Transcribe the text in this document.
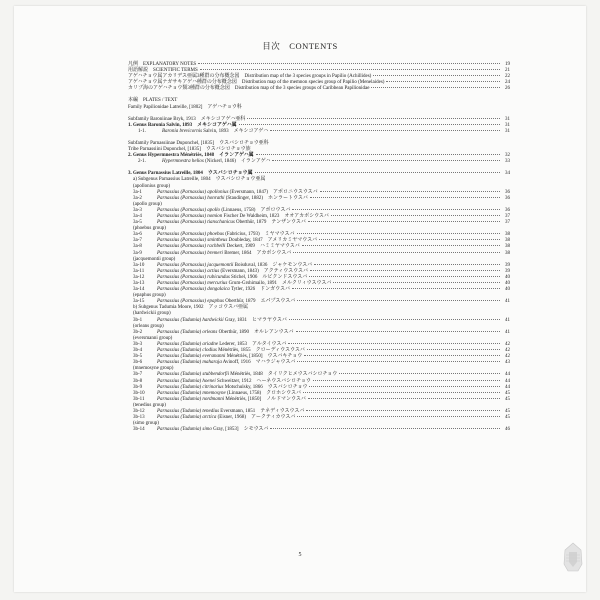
目次　CONTENTS
凡例　EXPLANATORY NOTES	19
用語解説　SCIENTIFIC TERMS	21
アゲハチョウ属アカリデス亜属3種群の分布概念図　Distribution map of the 3 species groups in Papilio (Achillides)	22
アゲハチョウ属ナガサキアゲハ種群の分布概念図　Distribution map of the memnon species group of Papilio (Menelaides)	24
カリブ海のアゲハチョウ類3種群の分布概念図　Distribution map of the 3 species groups of Caribbean Papilionidae	26
本編　PLATES / TEXT
Family Papilionidae Latreille, [1802]　アゲハチョウ科
Subfamily Baroniinae Bryk, 1913　メキシコアゲハ亜科	31
1. Genus Baronia Salvin, 1893　メキシコアゲハ属	31
1-1.	Baronia brevicornis Salvin, 1893　メキシコアゲハ	31
Subfamily Parnassiinae Duponchel, [1835]　ウスバシロチョウ亜科
Tribe Parnassiini Duponchel, [1835]　ウスバシロチョウ族
2. Genus Hypermnestra Ménétriès, 1848　イランアゲハ属	32
2-1.	Hypermnestra helios (Nickerl, 1846)　イランアゲハ	33
3. Genus Parnassius Latreille, 1804　ウスバシロチョウ属	34
a) Subgenus Parnassius Latreille, 1804　ウスバシロチョウ亜属
(apollonius group)
3a-1	Parnassius (Parnassius) apollonius (Eversmann, 1847)　アポロニウスウスバ	36
3a-2	Parnassius (Parnassius) honrathi (Staudinger, 1882)　ホンラートウスバ	36
(apollo group)
3a-3	Parnassius (Parnassius) apollo (Linnaeus, 1758)　アポロウスバ	36
3a-4	Parnassius (Parnassius) nomion Fischer De Waldheim, 1823　オオアカボシウスバ	37
3a-5	Parnassius (Parnassius) tianschanicus Oberthür, 1879　テンザンウスバ	37
(phoebus group)
3a-6	Parnassius (Parnassius) phoebus (Fabricius, 1793)　ミヤマウスバ	38
3a-7	Parnassius (Parnassius) smintheus Doubleday, 1847　アメリカミヤマウスバ	38
3a-8	Parnassius (Parnassius) rachbelli Deckert, 1909　ハミミヤマウスバ	38
3a-9	Parnassius (Parnassius) bremeri Bremer, 1864　アカボシウスバ	38
(jacquemontii group)
3a-10	Parnassius (Parnassius) jacquemontii Boisduval, 1836　ジャケモンウスバ	39
3a-11	Parnassius (Parnassius) actius (Eversmann, 1843)　アクティウスウスバ	39
3a-12	Parnassius (Parnassius) rubicundus Stichel, 1906　ルビクンドスウスバ	40
3a-13	Parnassius (Parnassius) mercurius Grum-Grshimailo, 1891　メルクリィウスウスバ	40
3a-14	Parnassius (Parnassius) dongalaica Tytler, 1926　ドンガウスバ	40
(epaphus group)
3a-15	Parnassius (Parnassius) epaphus Oberthür, 1879　エパプスウスバ	41
b) Subgenus Tadumia Moore, 1902　アッコウスバ亜属
(hardwickii group)
3b-1	Parnassius (Tadumia) hardwickii Gray, 1831　ヒマラヤウスバ	41
(orleans group)
3b-2	Parnassius (Tadumia) orleans Oberthür, 1890　オルレアンウスバ	41
(eversmanni group)
3b-3	Parnassius (Tadumia) ariadne Lederer, 1853　アルタイウスバ	42
3b-4	Parnassius (Tadumia) clodius Ménétriès, 1855　クローディウスウスバ	42
3b-5	Parnassius (Tadumia) eversmanni Ménétriès, [1850]　ウスバキチョウ	42
3b-6	Parnassius (Tadumia) maharaja Avinoff, 1916　マハラジャウスバ	43
(mnemosyne group)
3b-7	Parnassius (Tadumia) stubbendorfii Ménétriès, 1848　タイリクヒメウスバシロチョウ	44
3b-8	Parnassius (Tadumia) hoenei Schweitzer, 1912　ヘーネウスバシロチョウ	44
3b-9	Parnassius (Tadumia) citrinarius Motschulsky, 1866　ウスバシロチョウ	44
3b-10 Parnassius (Tadumia) mnemosyne (Linnaeus, 1758)　クロホシウスバ	45
3b-11	Parnassius (Tadumia) nordmanni Ménétriès, [1850]　ノルドマンウスバ	45
(tenedius group)
3b-12 Parnassius (Tadumia) tenedius Eversmann, 1851　テネディウスウスバ	45
3b-13 Parnassius (Tadumia) arctica (Eisner, 1968)　アークティカウスバ	45
(simo group)
3b-14 Parnassius (Tadumia) simo Gray, [1853]　シモウスバ	46
5
